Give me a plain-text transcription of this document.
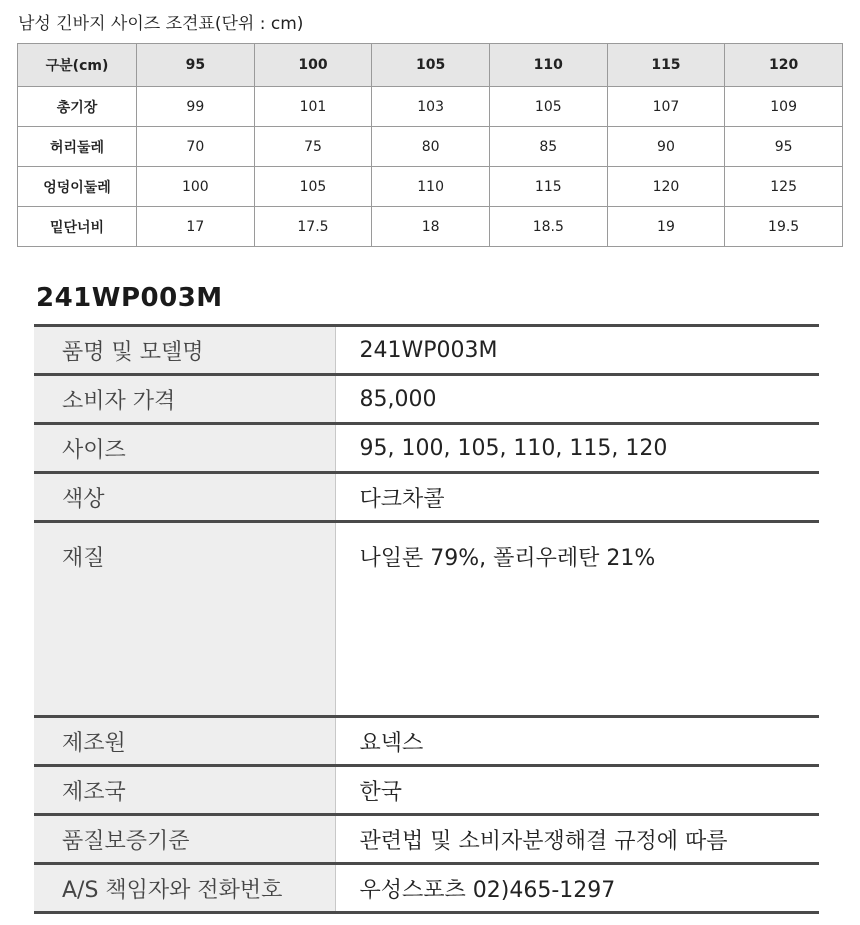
남성 긴바지 사이즈 조견표(단위 : cm)
구분(cm)	95	100	105	110	115	120
총기장	99	101	103	105	107	109
허리둘레	70	75	80	85	90	95
엉덩이둘레	100	105	110	115	120	125
밑단너비	17	17.5	18	18.5	19	19.5
241WP003M
품명 및 모델명	241WP003M
소비자 가격	85,000
사이즈	95, 100, 105, 110, 115, 120
색상	다크차콜
재질	나일론 79%, 폴리우레탄 21%
제조원	요넥스
제조국	한국
품질보증기준	관련법 및 소비자분쟁해결 규정에 따름
A/S 책임자와 전화번호	우성스포츠 02)465-1297
